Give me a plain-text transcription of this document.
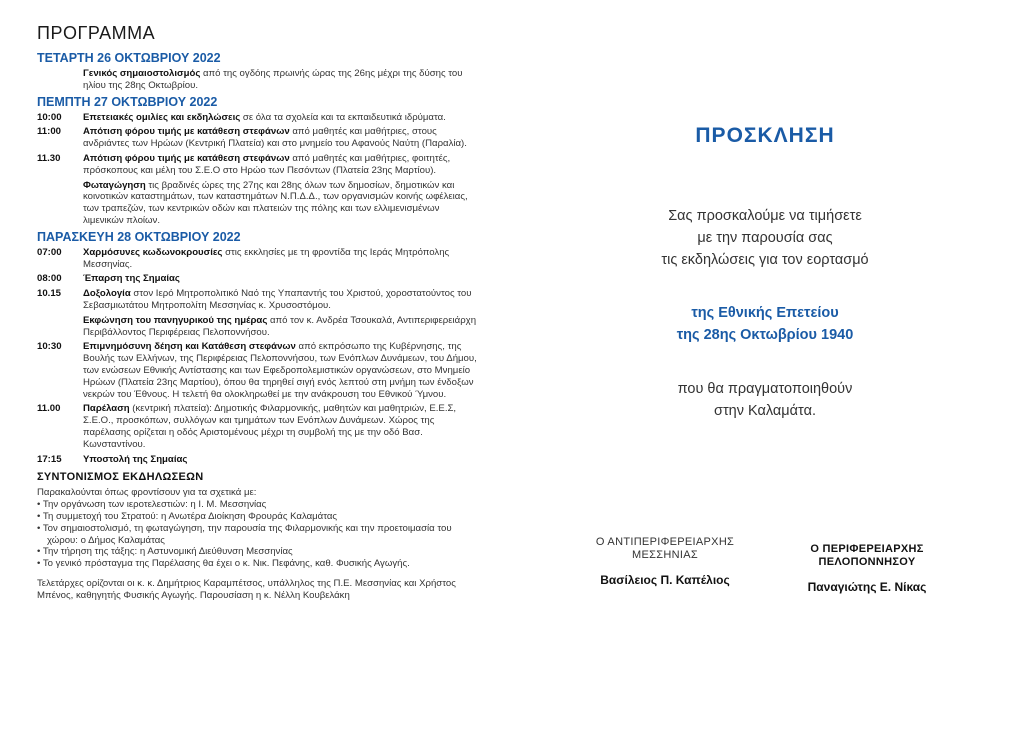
ΠΡΟΓΡΑΜΜΑ
ΤΕΤΑΡΤΗ 26 ΟΚΤΩΒΡΙΟΥ 2022
Γενικός σημαιοστολισμός από της ογδόης πρωινής ώρας της 26ης μέχρι της δύσης του ηλίου της 28ης Οκτωβρίου.
ΠΕΜΠΤΗ 27 ΟΚΤΩΒΡΙΟΥ 2022
10:00	Επετειακές ομιλίες και εκδηλώσεις σε όλα τα σχολεία και τα εκπαιδευτικά ιδρύματα.
11:00	Απότιση φόρου τιμής με κατάθεση στεφάνων από μαθητές και μαθήτριες, στους ανδριάντες των Ηρώων (Κεντρική Πλατεία) και στο μνημείο του Αφανούς Ναύτη (Παραλία).
11.30	Απότιση φόρου τιμής με κατάθεση στεφάνων από μαθητές και μαθήτριες, φοιτητές, πρόσκοπους και μέλη του Σ.Ε.Ο στο Ηρώο των Πεσόντων (Πλατεία 23ης Μαρτίου).
Φωταγώγηση τις βραδινές ώρες της 27ης και 28ης όλων των δημοσίων, δημοτικών και κοινοτικών καταστημάτων, των καταστημάτων Ν.Π.Δ.Δ., των οργανισμών κοινής ωφέλειας, των τραπεζών, των κεντρικών οδών και πλατειών της πόλης και των ελλιμενισμένων λιμενικών πλοίων.
ΠΑΡΑΣΚΕΥΗ 28 ΟΚΤΩΒΡΙΟΥ 2022
07:00	Χαρμόσυνες κωδωνοκρουσίες στις εκκλησίες με τη φροντίδα της Ιεράς Μητρόπολης Μεσσηνίας.
08:00	Έπαρση της Σημαίας
10.15	Δοξολογία στον Ιερό Μητροπολιτικό Ναό της Υπαπαντής του Χριστού, χοροστατούντος του Σεβασμιωτάτου Μητροπολίτη Μεσσηνίας κ. Χρυσοστόμου.
Εκφώνηση του πανηγυρικού της ημέρας από τον κ. Ανδρέα Τσουκαλά, Αντιπεριφερειάρχη Περιβάλλοντος Περιφέρειας Πελοποννήσου.
10:30	Επιμνημόσυνη δέηση και Κατάθεση στεφάνων από εκπρόσωπο της Κυβέρνησης, της Βουλής των Ελλήνων, της Περιφέρειας Πελοποννήσου, των Ενόπλων Δυνάμεων, του Δήμου, των ενώσεων Εθνικής Αντίστασης και των Εφεδροπολεμιστικών οργανώσεων, στο Μνημείο Ηρώων (Πλατεία 23ης Μαρτίου), όπου θα τηρηθεί σιγή ενός λεπτού στη μνήμη των ένδοξων νεκρών του Έθνους. Η τελετή θα ολοκληρωθεί με την ανάκρουση του Εθνικού Ύμνου.
11.00	Παρέλαση (κεντρική πλατεία): Δημοτικής Φιλαρμονικής, μαθητών και μαθητριών, Ε.Ε.Σ, Σ.Ε.Ο., προσκόπων, συλλόγων και τμημάτων των Ενόπλων Δυνάμεων. Χώρος της παρέλασης ορίζεται η οδός Αριστομένους μέχρι τη συμβολή της με την οδό Βασ. Κωνσταντίνου.
17:15	Υποστολή της Σημαίας
ΣΥΝΤΟΝΙΣΜΟΣ ΕΚΔΗΛΩΣΕΩΝ
Παρακαλούνται όπως φροντίσουν για τα σχετικά με:
• Την οργάνωση των ιεροτελεστιών: η Ι. Μ. Μεσσηνίας
• Τη συμμετοχή του Στρατού: η Ανωτέρα Διοίκηση Φρουράς Καλαμάτας
• Τον σημαιοστολισμό, τη φωταγώγηση, την παρουσία της Φιλαρμονικής και την προετοιμασία του χώρου: ο Δήμος Καλαμάτας
• Την τήρηση της τάξης: η Αστυνομική Διεύθυνση Μεσσηνίας
• Το γενικό πρόσταγμα της Παρέλασης θα έχει ο κ. Νικ. Πεφάνης, καθ. Φυσικής Αγωγής.
Τελετάρχες ορίζονται οι κ. κ. Δημήτριος Καραμπέτσος, υπάλληλος της Π.Ε. Μεσσηνίας και Χρήστος Μπένος, καθηγητής Φυσικής Αγωγής. Παρουσίαση η κ. Νέλλη Κουβελάκη
ΠΡΟΣΚΛΗΣΗ
Σας προσκαλούμε να τιμήσετε
με την παρουσία σας
τις εκδηλώσεις για τον εορτασμό
της Εθνικής Επετείου
της 28ης Οκτωβρίου 1940
που θα πραγματοποιηθούν
στην Καλαμάτα.
Ο ΑΝΤΙΠΕΡΙΦΕΡΕΙΑΡΧΗΣ
ΜΕΣΣΗΝΙΑΣ
Βασίλειος Π. Καπέλιος
Ο ΠΕΡΙΦΕΡΕΙΑΡΧΗΣ
ΠΕΛΟΠΟΝΝΗΣΟΥ
Παναγιώτης Ε. Νίκας
